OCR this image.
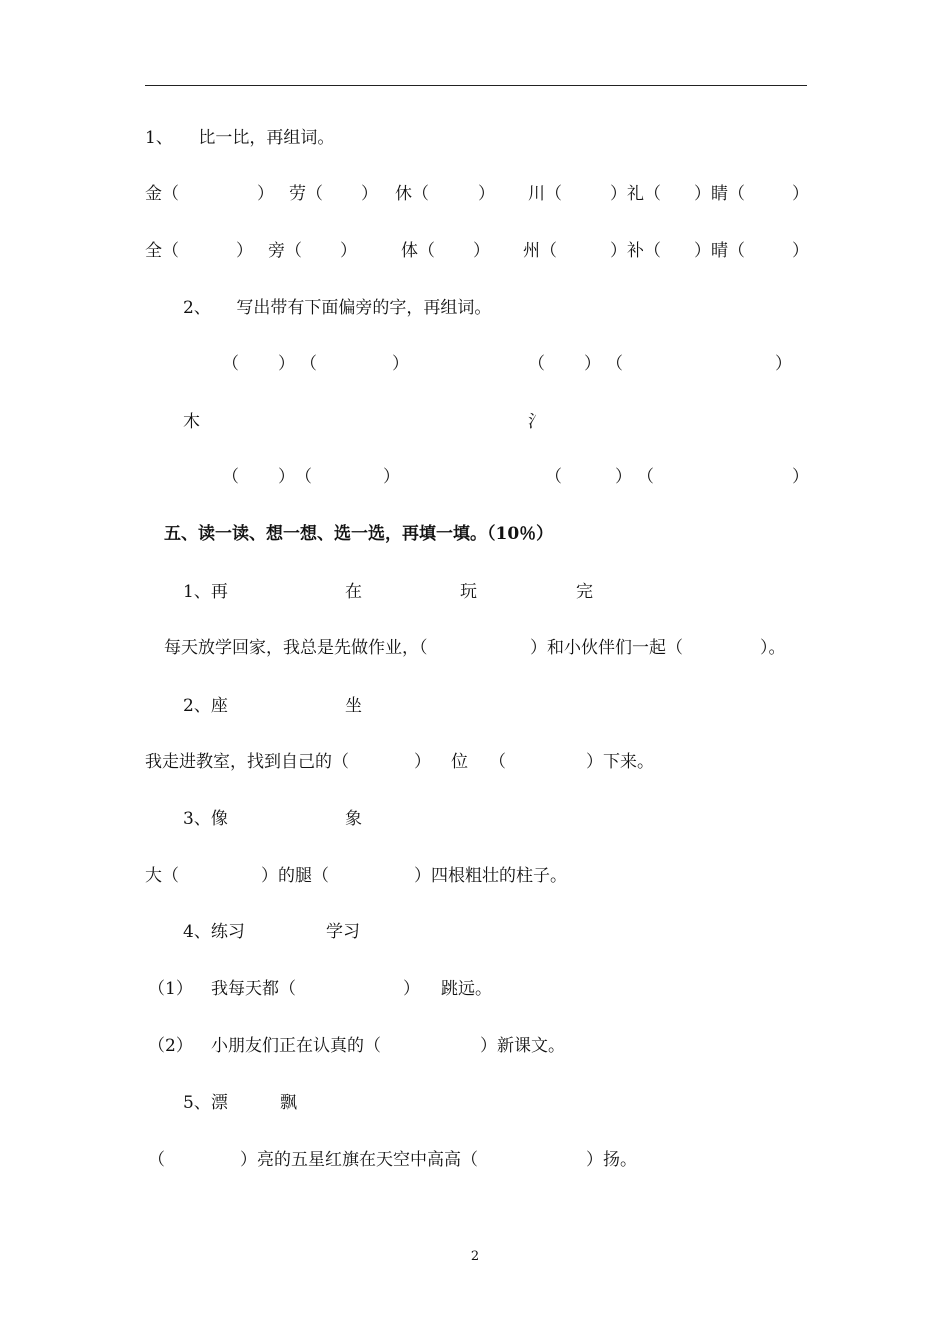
1、　　比一比，再组词。
金（	） 劳（ ） 休（	） 川（	）礼（ ）睛（	）
全（	） 旁（ ）	体（ ） 州（	）补（ ）晴（	）
2、　　写出带有下面偏旁的字，再组词。
（ ） （	）	（ ） （	）
木	氵
（ ） （	）	（	） （	）
五、读一读、想一想、选一选，再填一填。（10％）
1、再	在	玩	完
每天放学回家，我总是先做作业，（	）和小伙伴们一起（	）。
2、座	坐
我走进教室，找到自己的（	） 位 （	）下来。
3、像	象
大（	）的腿（	）四根粗壮的柱子。
4、练习	学习
（1） 我每天都（	） 跳远。
（2） 小朋友们正在认真的（	）新课文。
5、漂	飘
（	）亮的五星红旗在天空中高高（	）扬。
2
